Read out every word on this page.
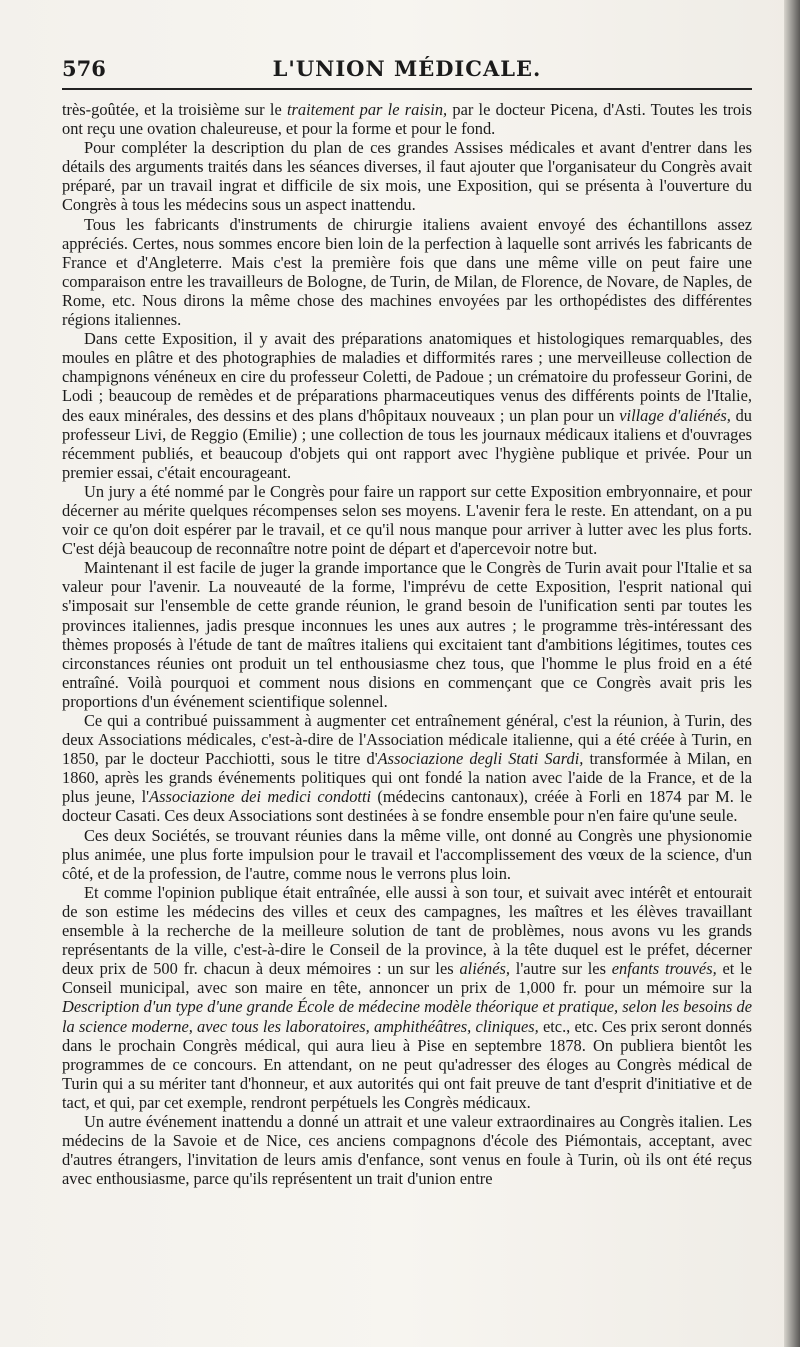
576	L'UNION MÉDICALE.

très-goûtée, et la troisième sur le traitement par le raisin, par le docteur Picena, d'Asti. Toutes les trois ont reçu une ovation chaleureuse, et pour la forme et pour le fond.

Pour compléter la description du plan de ces grandes Assises médicales et avant d'entrer dans les détails des arguments traités dans les séances diverses, il faut ajouter que l'organisateur du Congrès avait préparé, par un travail ingrat et difficile de six mois, une Exposition, qui se présenta à l'ouverture du Congrès à tous les médecins sous un aspect inattendu.

Tous les fabricants d'instruments de chirurgie italiens avaient envoyé des échantillons assez appréciés. Certes, nous sommes encore bien loin de la perfection à laquelle sont arrivés les fabricants de France et d'Angleterre. Mais c'est la première fois que dans une même ville on peut faire une comparaison entre les travailleurs de Bologne, de Turin, de Milan, de Florence, de Novare, de Naples, de Rome, etc. Nous dirons la même chose des machines envoyées par les orthopédistes des différentes régions italiennes.

Dans cette Exposition, il y avait des préparations anatomiques et histologiques remarquables, des moules en plâtre et des photographies de maladies et difformités rares ; une merveilleuse collection de champignons vénéneux en cire du professeur Coletti, de Padoue ; un crématoire du professeur Gorini, de Lodi ; beaucoup de remèdes et de préparations pharmaceutiques venus des différents points de l'Italie, des eaux minérales, des dessins et des plans d'hôpitaux nouveaux ; un plan pour un village d'aliénés, du professeur Livi, de Reggio (Emilie) ; une collection de tous les journaux médicaux italiens et d'ouvrages récemment publiés, et beaucoup d'objets qui ont rapport avec l'hygiène publique et privée. Pour un premier essai, c'était encourageant.

Un jury a été nommé par le Congrès pour faire un rapport sur cette Exposition embryonnaire, et pour décerner au mérite quelques récompenses selon ses moyens. L'avenir fera le reste. En attendant, on a pu voir ce qu'on doit espérer par le travail, et ce qu'il nous manque pour arriver à lutter avec les plus forts. C'est déjà beaucoup de reconnaître notre point de départ et d'apercevoir notre but.

Maintenant il est facile de juger la grande importance que le Congrès de Turin avait pour l'Italie et sa valeur pour l'avenir. La nouveauté de la forme, l'imprévu de cette Exposition, l'esprit national qui s'imposait sur l'ensemble de cette grande réunion, le grand besoin de l'unification senti par toutes les provinces italiennes, jadis presque inconnues les unes aux autres ; le programme très-intéressant des thèmes proposés à l'étude de tant de maîtres italiens qui excitaient tant d'ambitions légitimes, toutes ces circonstances réunies ont produit un tel enthousiasme chez tous, que l'homme le plus froid en a été entraîné. Voilà pourquoi et comment nous disions en commençant que ce Congrès avait pris les proportions d'un événement scientifique solennel.

Ce qui a contribué puissamment à augmenter cet entraînement général, c'est la réunion, à Turin, des deux Associations médicales, c'est-à-dire de l'Association médicale italienne, qui a été créée à Turin, en 1850, par le docteur Pacchiotti, sous le titre d'Associazione degli Stati Sardi, transformée à Milan, en 1860, après les grands événements politiques qui ont fondé la nation avec l'aide de la France, et de la plus jeune, l'Associazione dei medici condotti (médecins cantonaux), créée à Forli en 1874 par M. le docteur Casati. Ces deux Associations sont destinées à se fondre ensemble pour n'en faire qu'une seule.

Ces deux Sociétés, se trouvant réunies dans la même ville, ont donné au Congrès une physionomie plus animée, une plus forte impulsion pour le travail et l'accomplissement des vœux de la science, d'un côté, et de la profession, de l'autre, comme nous le verrons plus loin.

Et comme l'opinion publique était entraînée, elle aussi à son tour, et suivait avec intérêt et entourait de son estime les médecins des villes et ceux des campagnes, les maîtres et les élèves travaillant ensemble à la recherche de la meilleure solution de tant de problèmes, nous avons vu les grands représentants de la ville, c'est-à-dire le Conseil de la province, à la tête duquel est le préfet, décerner deux prix de 500 fr. chacun à deux mémoires : un sur les aliénés, l'autre sur les enfants trouvés, et le Conseil municipal, avec son maire en tête, annoncer un prix de 1,000 fr. pour un mémoire sur la Description d'un type d'une grande École de médecine modèle théorique et pratique, selon les besoins de la science moderne, avec tous les laboratoires, amphithéâtres, cliniques, etc., etc. Ces prix seront donnés dans le prochain Congrès médical, qui aura lieu à Pise en septembre 1878. On publiera bientôt les programmes de ce concours. En attendant, on ne peut qu'adresser des éloges au Congrès médical de Turin qui a su mériter tant d'honneur, et aux autorités qui ont fait preuve de tant d'esprit d'initiative et de tact, et qui, par cet exemple, rendront perpétuels les Congrès médicaux.

Un autre événement inattendu a donné un attrait et une valeur extraordinaires au Congrès italien. Les médecins de la Savoie et de Nice, ces anciens compagnons d'école des Piémontais, acceptant, avec d'autres étrangers, l'invitation de leurs amis d'enfance, sont venus en foule à Turin, où ils ont été reçus avec enthousiasme, parce qu'ils représentent un trait d'union entre
